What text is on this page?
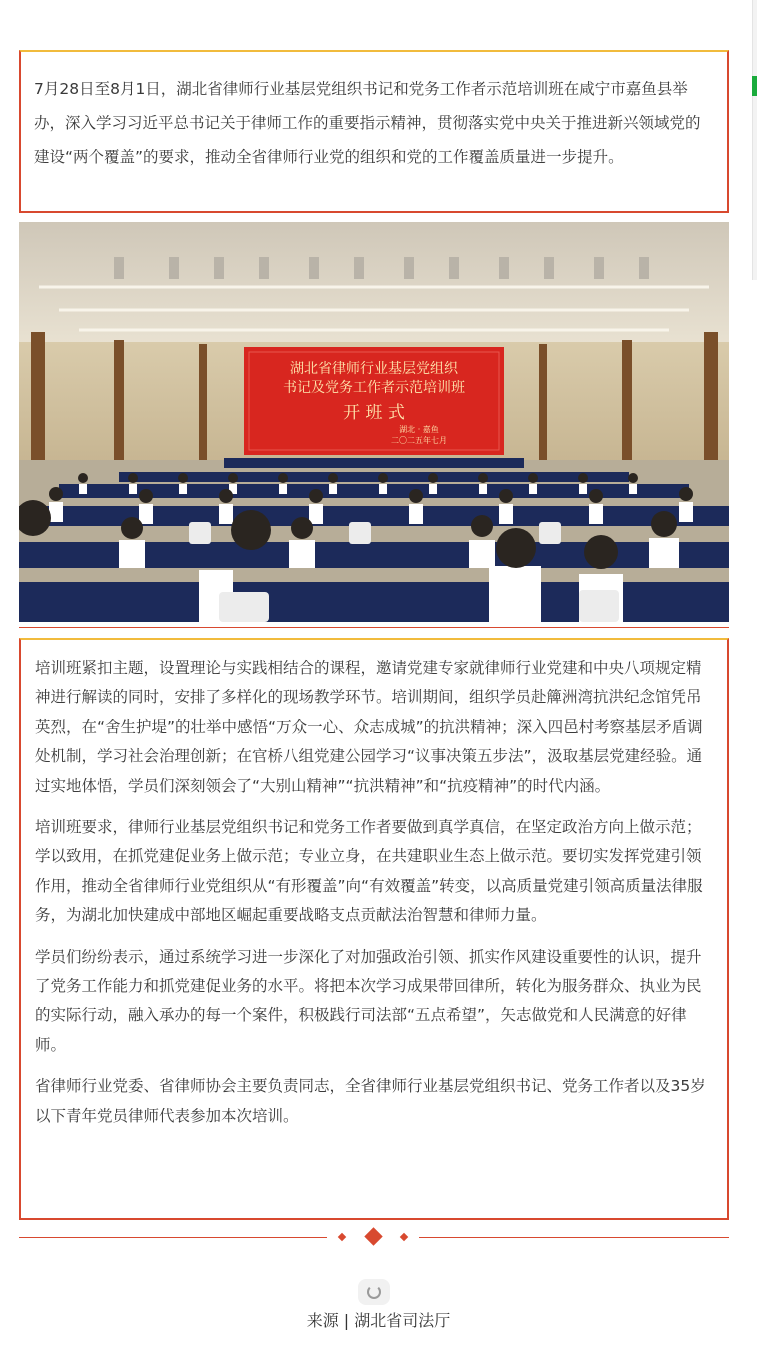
7月28日至8月1日，湖北省律师行业基层党组织书记和党务工作者示范培训班在咸宁市嘉鱼县举办，深入学习习近平总书记关于律师工作的重要指示精神，贯彻落实党中央关于推进新兴领域党的建设“两个覆盖”的要求，推动全省律师行业党的组织和党的工作覆盖质量进一步提升。

湖北省律师行业基层党组织
书记及党务工作者示范培训班
开 班 式
湖北 · 嘉鱼
二〇二五年七月

培训班紧扣主题，设置理论与实践相结合的课程，邀请党建专家就律师行业党建和中央八项规定精神进行解读的同时，安排了多样化的现场教学环节。培训期间，组织学员赴簰洲湾抗洪纪念馆凭吊英烈，在“舍生护堤”的壮举中感悟“万众一心、众志成城”的抗洪精神；深入四邑村考察基层矛盾调处机制，学习社会治理创新；在官桥八组党建公园学习“议事决策五步法”，汲取基层党建经验。通过实地体悟，学员们深刻领会了“大别山精神”“抗洪精神”和“抗疫精神”的时代内涵。

培训班要求，律师行业基层党组织书记和党务工作者要做到真学真信，在坚定政治方向上做示范；学以致用，在抓党建促业务上做示范；专业立身，在共建职业生态上做示范。要切实发挥党建引领作用，推动全省律师行业党组织从“有形覆盖”向“有效覆盖”转变，以高质量党建引领高质量法律服务，为湖北加快建成中部地区崛起重要战略支点贡献法治智慧和律师力量。

学员们纷纷表示，通过系统学习进一步深化了对加强政治引领、抓实作风建设重要性的认识，提升了党务工作能力和抓党建促业务的水平。将把本次学习成果带回律所，转化为服务群众、执业为民的实际行动，融入承办的每一个案件，积极践行司法部“五点希望”，矢志做党和人民满意的好律师。

省律师行业党委、省律师协会主要负责同志，全省律师行业基层党组织书记、党务工作者以及35岁以下青年党员律师代表参加本次培训。

来源 | 湖北省司法厅
